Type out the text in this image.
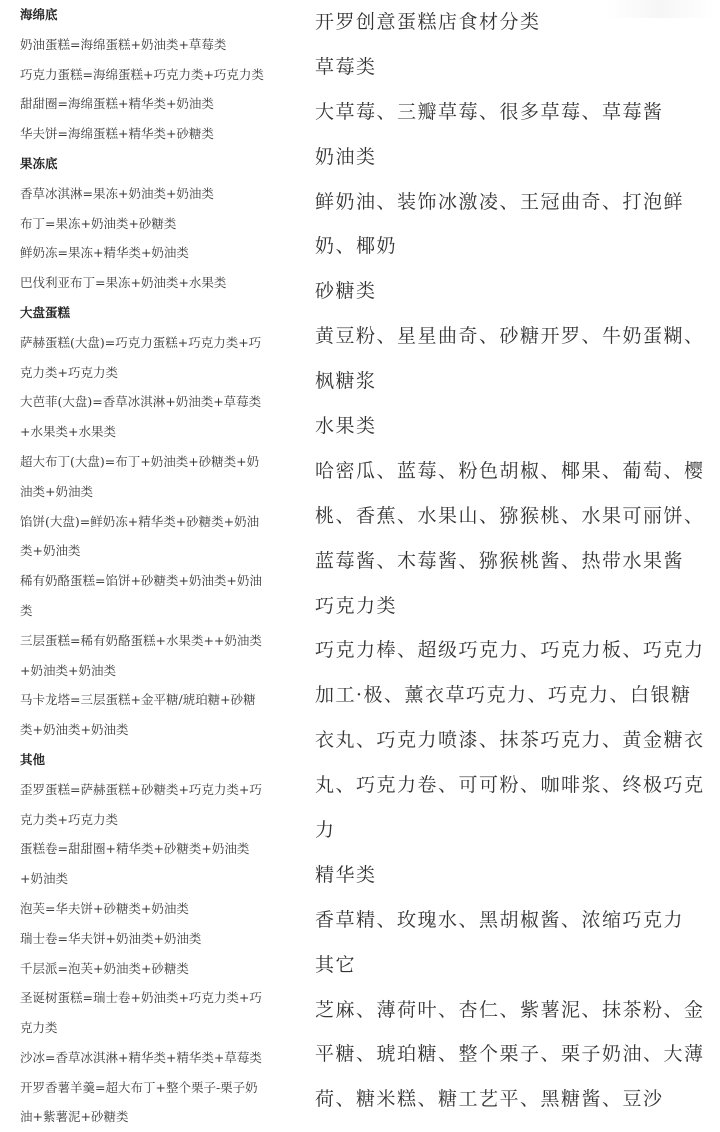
海绵底
奶油蛋糕=海绵蛋糕+奶油类+草莓类
巧克力蛋糕=海绵蛋糕+巧克力类+巧克力类
甜甜圈=海绵蛋糕+精华类+奶油类
华夫饼=海绵蛋糕+精华类+砂糖类
果冻底
香草冰淇淋=果冻+奶油类+奶油类
布丁=果冻+奶油类+砂糖类
鲜奶冻=果冻+精华类+奶油类
巴伐利亚布丁=果冻+奶油类+水果类
大盘蛋糕
萨赫蛋糕(大盘)=巧克力蛋糕+巧克力类+巧
克力类+巧克力类
大芭菲(大盘)=香草冰淇淋+奶油类+草莓类
+水果类+水果类
超大布丁(大盘)=布丁+奶油类+砂糖类+奶
油类+奶油类
馅饼(大盘)=鲜奶冻+精华类+砂糖类+奶油
类+奶油类
稀有奶酪蛋糕=馅饼+砂糖类+奶油类+奶油
类
三层蛋糕=稀有奶酪蛋糕+水果类++奶油类
+奶油类+奶油类
马卡龙塔=三层蛋糕+金平糖/琥珀糖+砂糖
类+奶油类+奶油类
其他
歪罗蛋糕=萨赫蛋糕+砂糖类+巧克力类+巧
克力类+巧克力类
蛋糕卷=甜甜圈+精华类+砂糖类+奶油类
+奶油类
泡芙=华夫饼+砂糖类+奶油类
瑞士卷=华夫饼+奶油类+奶油类
千层派=泡芙+奶油类+砂糖类
圣诞树蛋糕=瑞士卷+奶油类+巧克力类+巧
克力类
沙冰=香草冰淇淋+精华类+精华类+草莓类
开罗香薯羊羹=超大布丁+整个栗子-栗子奶
油+紫薯泥+砂糖类
开罗创意蛋糕店食材分类
草莓类
大草莓、三瓣草莓、很多草莓、草莓酱
奶油类
鲜奶油、装饰冰激凌、王冠曲奇、打泡鲜
奶、椰奶
砂糖类
黄豆粉、星星曲奇、砂糖开罗、牛奶蛋糊、
枫糖浆
水果类
哈密瓜、蓝莓、粉色胡椒、椰果、葡萄、樱
桃、香蕉、水果山、猕猴桃、水果可丽饼、
蓝莓酱、木莓酱、猕猴桃酱、热带水果酱
巧克力类
巧克力棒、超级巧克力、巧克力板、巧克力
加工·极、薰衣草巧克力、巧克力、白银糖
衣丸、巧克力喷漆、抹茶巧克力、黄金糖衣
丸、巧克力卷、可可粉、咖啡浆、终极巧克
力
精华类
香草精、玫瑰水、黑胡椒酱、浓缩巧克力
其它
芝麻、薄荷叶、杏仁、紫薯泥、抹茶粉、金
平糖、琥珀糖、整个栗子、栗子奶油、大薄
荷、糖米糕、糖工艺平、黑糖酱、豆沙
